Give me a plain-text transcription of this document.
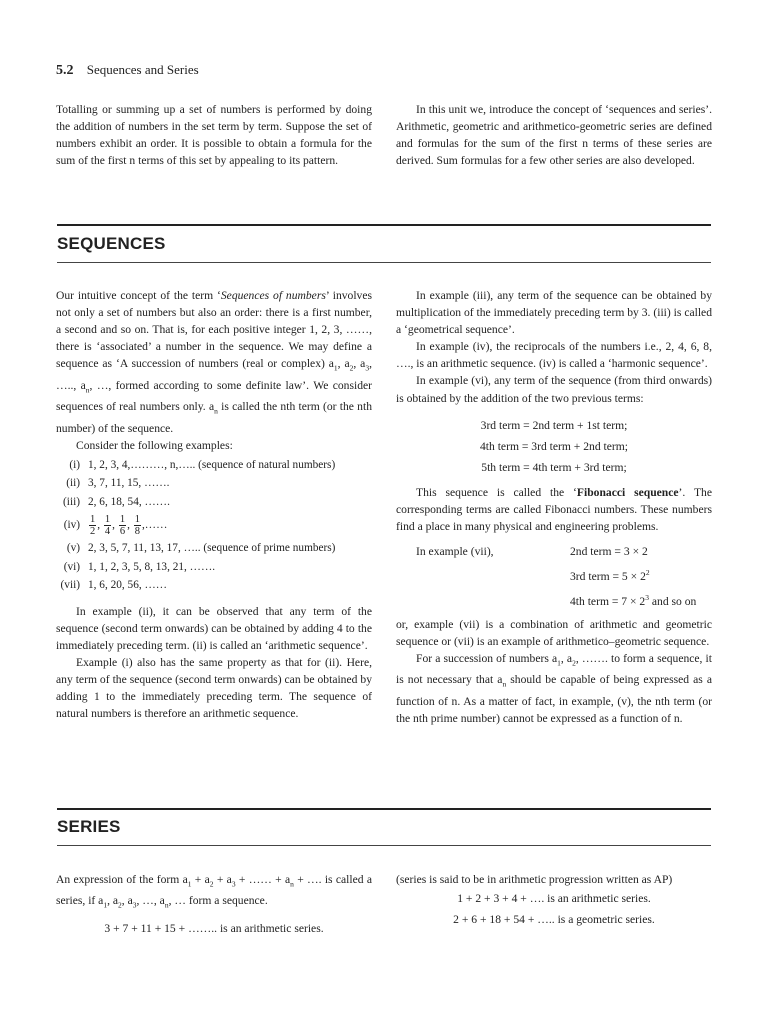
5.2 Sequences and Series

Totalling or summing up a set of numbers is performed by doing the addition of numbers in the set term by term. Suppose the set of numbers exhibit an order. It is possible to obtain a formula for the sum of the first n terms of this set by appealing to its pattern.

In this unit we, introduce the concept of ‘sequences and series’. Arithmetic, geometric and arithmetico-geometric series are defined and formulas for the sum of the first n terms of these series are derived. Sum formulas for a few other series are also developed.

SEQUENCES

Our intuitive concept of the term ‘Sequences of numbers’ involves not only a set of numbers but also an order: there is a first number, a second and so on. That is, for each positive integer 1, 2, 3, ……, there is ‘associated’ a number in the sequence. We may define a sequence as ‘A succession of numbers (real or complex) $a_1$, $a_2$, $a_3$, ….., $a_n$, …, formed according to some definite law’. We consider sequences of real numbers only. $a_n$ is called the nth term (or the nth number) of the sequence.

Consider the following examples:

(i) 1, 2, 3, 4,………, n,….. (sequence of natural numbers)
(ii) 3, 7, 11, 15, …….
(iii) 2, 6, 18, 54, …….
$(iv) \frac{1}{2}$ , $\frac{1}{4}$ , $\frac{1}{6}$ , $\frac{1}{8}$ ,……
(v) 2, 3, 5, 7, 11, 13, 17, ….. (sequence of prime numbers)
(vi) 1, 1, 2, 3, 5, 8, 13, 21, …….
(vii) 1, 6, 20, 56, ……

In example (ii), it can be observed that any term of the sequence (second term onwards) can be obtained by adding 4 to the immediately preceding term. (ii) is called an ‘arithmetic sequence’.

Example (i) also has the same property as that for (ii). Here, any term of the sequence (second term onwards) can be obtained by adding 1 to the immediately preceding term. The sequence of natural numbers is therefore an arithmetic sequence.

In example (iii), any term of the sequence can be obtained by multiplication of the immediately preceding term by 3. (iii) is called a ‘geometrical sequence’.

In example (iv), the reciprocals of the numbers i.e., 2, 4, 6, 8, …., is an arithmetic sequence. (iv) is called a ‘harmonic sequence’.

In example (vi), any term of the sequence (from third onwards) is obtained by the addition of the two previous terms:

3rd term = 2nd term + 1st term;
4th term = 3rd term + 2nd term;
5th term = 4th term + 3rd term;

This sequence is called the ‘Fibonacci sequence’. The corresponding terms are called Fibonacci numbers. These numbers find a place in many physical and engineering problems.

In example (vii),	2nd term = 3 × 2
3rd term = $5 \times 2^2$
4th term = $7 \times 2^3$ and so on

or, example (vii) is a combination of arithmetic and geometric sequence or (vii) is an example of arithmetico–geometric sequence.

For a succession of numbers $a_1$, $a_2$, ……. to form a sequence, it is not necessary that $a_n$ should be capable of being expressed as a function of n. As a matter of fact, in example, (v), the nth term (or the nth prime number) cannot be expressed as a function of n.

SERIES

An expression of the form $a_1 + a_2 + a_3$ + …… + $a_n$ + …. is called a series, if $a_1$, $a_2$, $a_3$, …, $a_n$, … form a sequence.

3 + 7 + 11 + 15 + …….. is an arithmetic series.

(series is said to be in arithmetic progression written as AP)

1 + 2 + 3 + 4 + …. is an arithmetic series.
2 + 6 + 18 + 54 + ….. is a geometric series.
